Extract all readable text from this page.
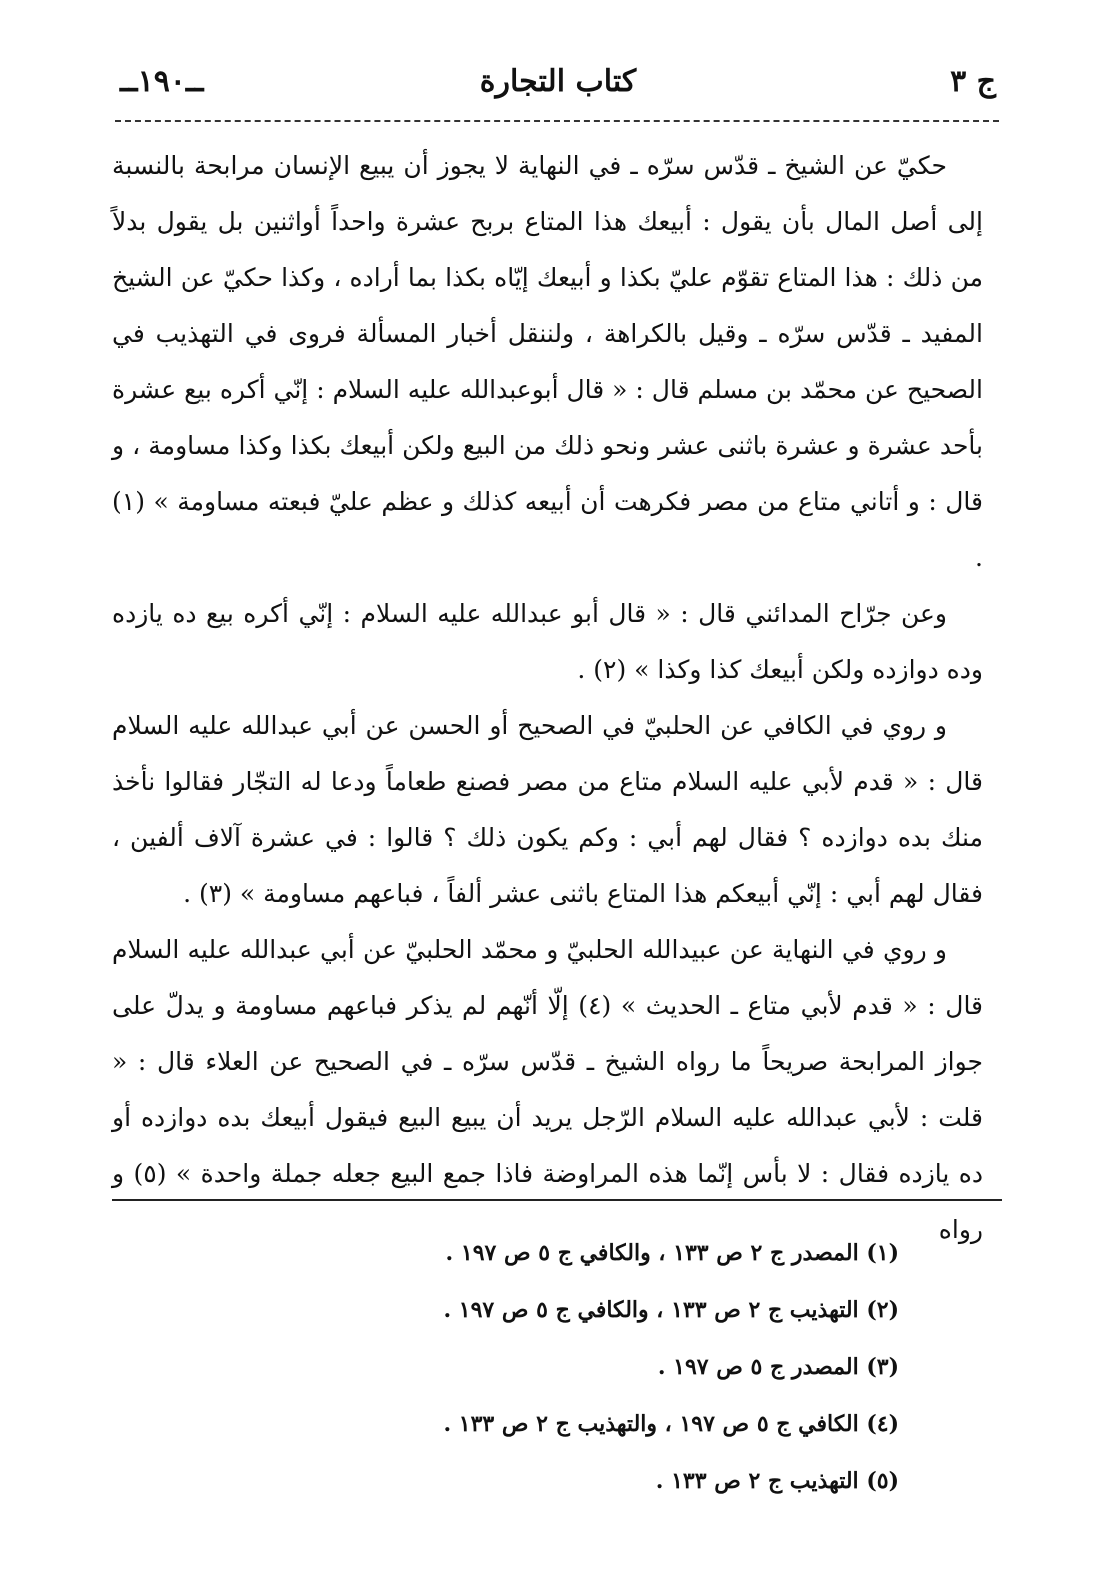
ــ١٩٠ــ	كتاب التجارة	ج ٣

حكيّ عن الشيخ ـ قدّس سرّه ـ في النهاية لا يجوز أن يبيع الإنسان مرابحة بالنسبة إلى أصل المال بأن يقول : أبيعك هذا المتاع بربح عشرة واحداً أواثنين بل يقول بدلاً من ذلك : هذا المتاع تقوّم عليّ بكذا و أبيعك إيّاه بكذا بما أراده ، وكذا حكيّ عن الشيخ المفيد ـ قدّس سرّه ـ وقيل بالكراهة ، ولننقل أخبار المسألة فروى في التهذيب في الصحيح عن محمّد بن مسلم قال : « قال أبوعبدالله عليه السلام : إنّي أكره بيع عشرة بأحد عشرة و عشرة باثنى عشر ونحو ذلك من البيع ولكن أبيعك بكذا وكذا مساومة ، و قال : و أتاني متاع من مصر فكرهت أن أبيعه كذلك و عظم عليّ فبعته مساومة » (١) .

وعن جرّاح المدائني قال : « قال أبو عبدالله عليه السلام : إنّي أكره بيع ده يازده وده دوازده ولكن أبيعك كذا وكذا » (٢) .

و روي في الكافي عن الحلبيّ في الصحيح أو الحسن عن أبي عبدالله عليه السلام قال : « قدم لأبي عليه السلام متاع من مصر فصنع طعاماً ودعا له التجّار فقالوا نأخذ منك بده دوازده ؟ فقال لهم أبي : وكم يكون ذلك ؟ قالوا : في عشرة آلاف ألفين ، فقال لهم أبي : إنّي أبيعكم هذا المتاع باثنى عشر ألفاً ، فباعهم مساومة » (٣) .

و روي في النهاية عن عبيدالله الحلبيّ و محمّد الحلبيّ عن أبي عبدالله عليه السلام قال : « قدم لأبي متاع ـ الحديث » (٤) إلّا أنّهم لم يذكر فباعهم مساومة و يدلّ على جواز المرابحة صريحاً ما رواه الشيخ ـ قدّس سرّه ـ في الصحيح عن العلاء قال : « قلت : لأبي عبدالله عليه السلام الرّجل يريد أن يبيع البيع فيقول أبيعك بده دوازده أو ده يازده فقال : لا بأس إنّما هذه المراوضة فاذا جمع البيع جعله جملة واحدة » (٥) و رواه

(١) المصدر ج ٢ ص ١٣٣ ، والكافي ج ٥ ص ١٩٧ .

(٢) التهذيب ج ٢ ص ١٣٣ ، والكافي ج ٥ ص ١٩٧ .

(٣) المصدر ج ٥ ص ١٩٧ .

(٤) الكافي ج ٥ ص ١٩٧ ، والتهذيب ج ٢ ص ١٣٣ .

(٥) التهذيب ج ٢ ص ١٣٣ .
